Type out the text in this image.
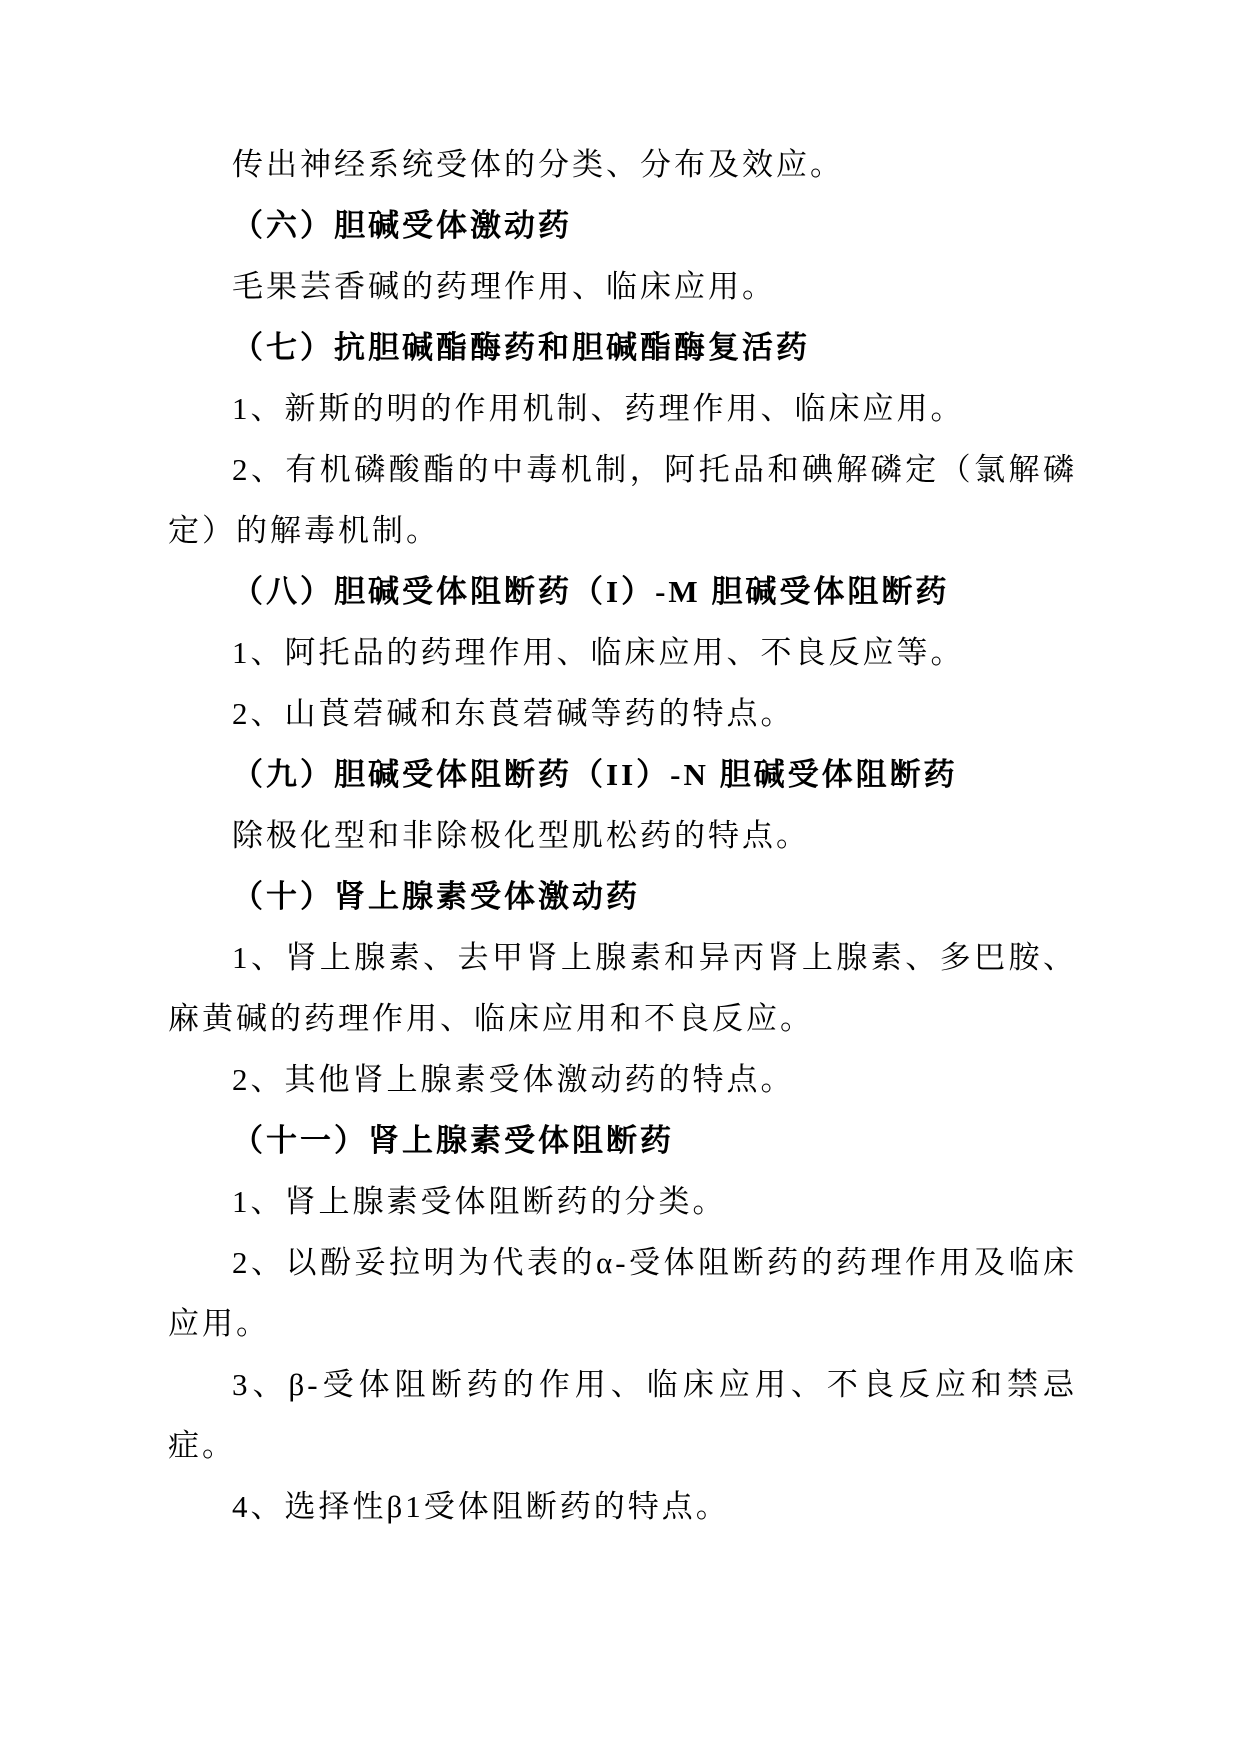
传出神经系统受体的分类、分布及效应。

（六）胆碱受体激动药

毛果芸香碱的药理作用、临床应用。

（七）抗胆碱酯酶药和胆碱酯酶复活药

1、新斯的明的作用机制、药理作用、临床应用。

2、有机磷酸酯的中毒机制，阿托品和碘解磷定（氯解磷定）的解毒机制。

（八）胆碱受体阻断药（I）-M 胆碱受体阻断药

1、阿托品的药理作用、临床应用、不良反应等。

2、山莨菪碱和东莨菪碱等药的特点。

（九）胆碱受体阻断药（II）-N 胆碱受体阻断药

除极化型和非除极化型肌松药的特点。

（十）肾上腺素受体激动药

1、肾上腺素、去甲肾上腺素和异丙肾上腺素、多巴胺、麻黄碱的药理作用、临床应用和不良反应。

2、其他肾上腺素受体激动药的特点。

（十一）肾上腺素受体阻断药

1、肾上腺素受体阻断药的分类。

2、以酚妥拉明为代表的α-受体阻断药的药理作用及临床应用。

3、β-受体阻断药的作用、临床应用、不良反应和禁忌症。

4、选择性β1受体阻断药的特点。
